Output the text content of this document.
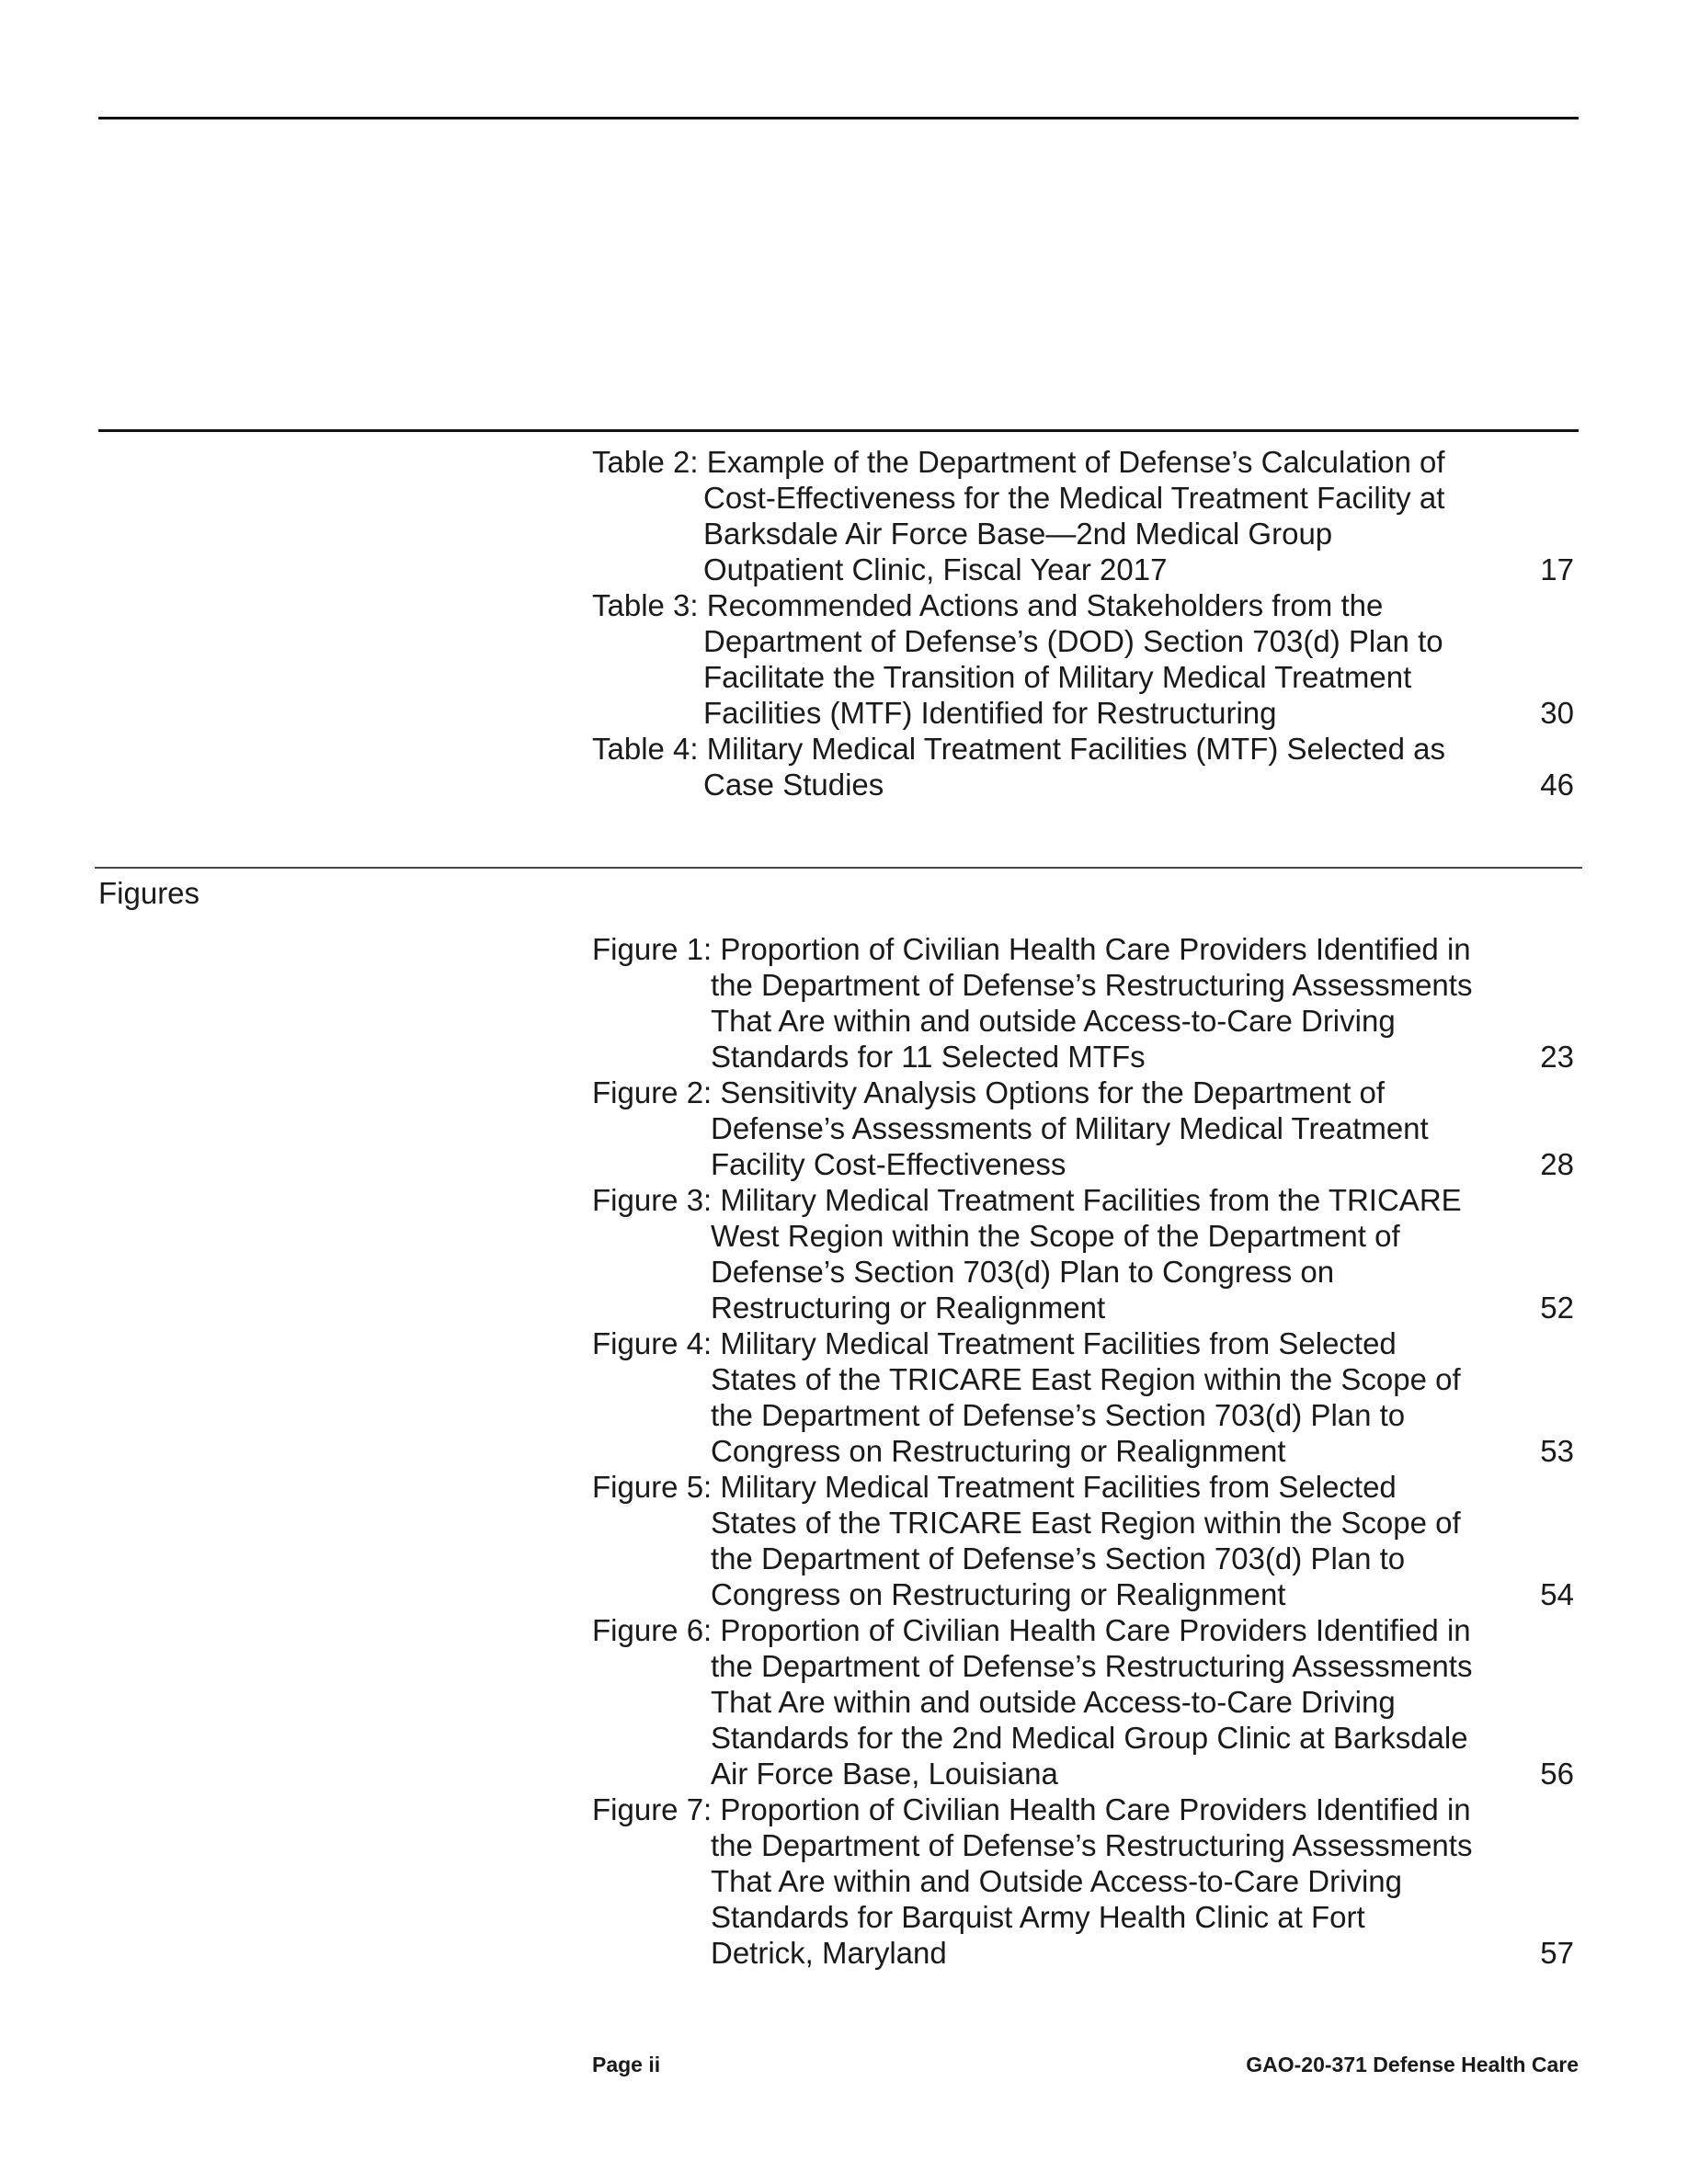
Table 2: Example of the Department of Defense’s Calculation of Cost-Effectiveness for the Medical Treatment Facility at Barksdale Air Force Base—2nd Medical Group Outpatient Clinic, Fiscal Year 2017	17
Table 3: Recommended Actions and Stakeholders from the Department of Defense’s (DOD) Section 703(d) Plan to Facilitate the Transition of Military Medical Treatment Facilities (MTF) Identified for Restructuring	30
Table 4: Military Medical Treatment Facilities (MTF) Selected as Case Studies	46
Figures
Figure 1: Proportion of Civilian Health Care Providers Identified in the Department of Defense’s Restructuring Assessments That Are within and outside Access-to-Care Driving Standards for 11 Selected MTFs	23
Figure 2: Sensitivity Analysis Options for the Department of Defense’s Assessments of Military Medical Treatment Facility Cost-Effectiveness	28
Figure 3: Military Medical Treatment Facilities from the TRICARE West Region within the Scope of the Department of Defense’s Section 703(d) Plan to Congress on Restructuring or Realignment	52
Figure 4: Military Medical Treatment Facilities from Selected States of the TRICARE East Region within the Scope of the Department of Defense’s Section 703(d) Plan to Congress on Restructuring or Realignment	53
Figure 5: Military Medical Treatment Facilities from Selected States of the TRICARE East Region within the Scope of the Department of Defense’s Section 703(d) Plan to Congress on Restructuring or Realignment	54
Figure 6: Proportion of Civilian Health Care Providers Identified in the Department of Defense’s Restructuring Assessments That Are within and outside Access-to-Care Driving Standards for the 2nd Medical Group Clinic at Barksdale Air Force Base, Louisiana	56
Figure 7: Proportion of Civilian Health Care Providers Identified in the Department of Defense’s Restructuring Assessments That Are within and Outside Access-to-Care Driving Standards for Barquist Army Health Clinic at Fort Detrick, Maryland	57
Page ii	GAO-20-371 Defense Health Care
